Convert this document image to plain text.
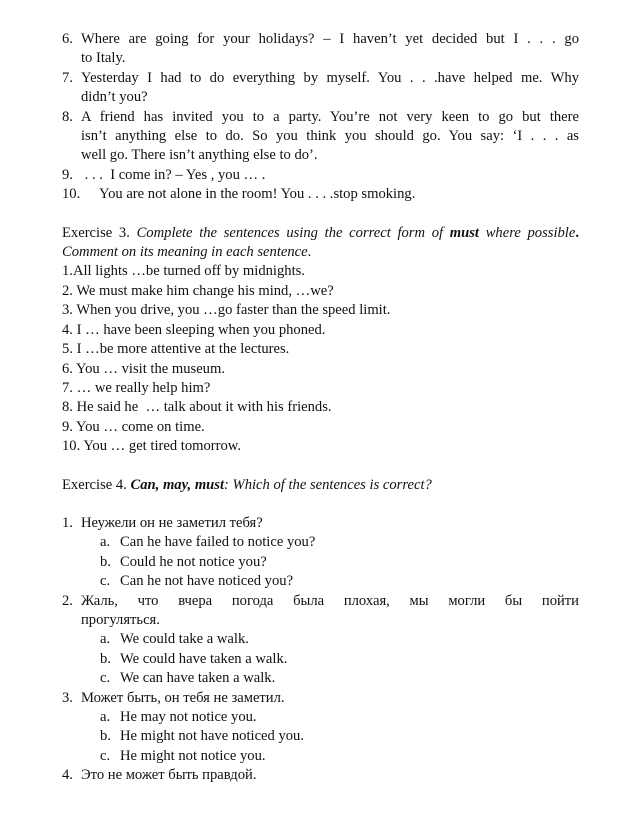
6. Where are going for your holidays? – I haven’t yet decided but I . . . go
to Italy.
7. Yesterday I had to do everything by myself. You . . .have helped me. Why
didn’t you?
8. A friend has invited you to a party. You’re not very keen to go but there
isn’t anything else to do. So you think you should go. You say: ‘I . . . as
well go. There isn’t anything else to do’.
9. . . .  I come in? – Yes , you … .
10.	You are not alone in the room! You . . . .stop smoking.
Exercise 3. Complete the sentences using the correct form of must where possible. Comment on its meaning in each sentence.
1.All lights …be turned off by midnights.
2. We must make him change his mind, …we?
3. When you drive, you …go faster than the speed limit.
4. I … have been sleeping when you phoned.
5. I …be more attentive at the lectures.
6. You … visit the museum.
7. … we really help him?
8. He said he  … talk about it with his friends.
9. You … come on time.
10. You … get tired tomorrow.
Exercise 4. Can, may, must: Which of the sentences is correct?
1. Неужели он не заметил тебя?
a. Can he have failed to notice you?
b. Could he not notice you?
c. Can he not have noticed you?
2. Жаль, что вчера погода была плохая, мы могли бы пойти
прогуляться.
a. We could take a walk.
b. We could have taken a walk.
c. We can have taken a walk.
3. Может быть, он тебя не заметил.
a. He may not notice you.
b. He might not have noticed you.
c. He might not notice you.
4. Это не может быть правдой.
